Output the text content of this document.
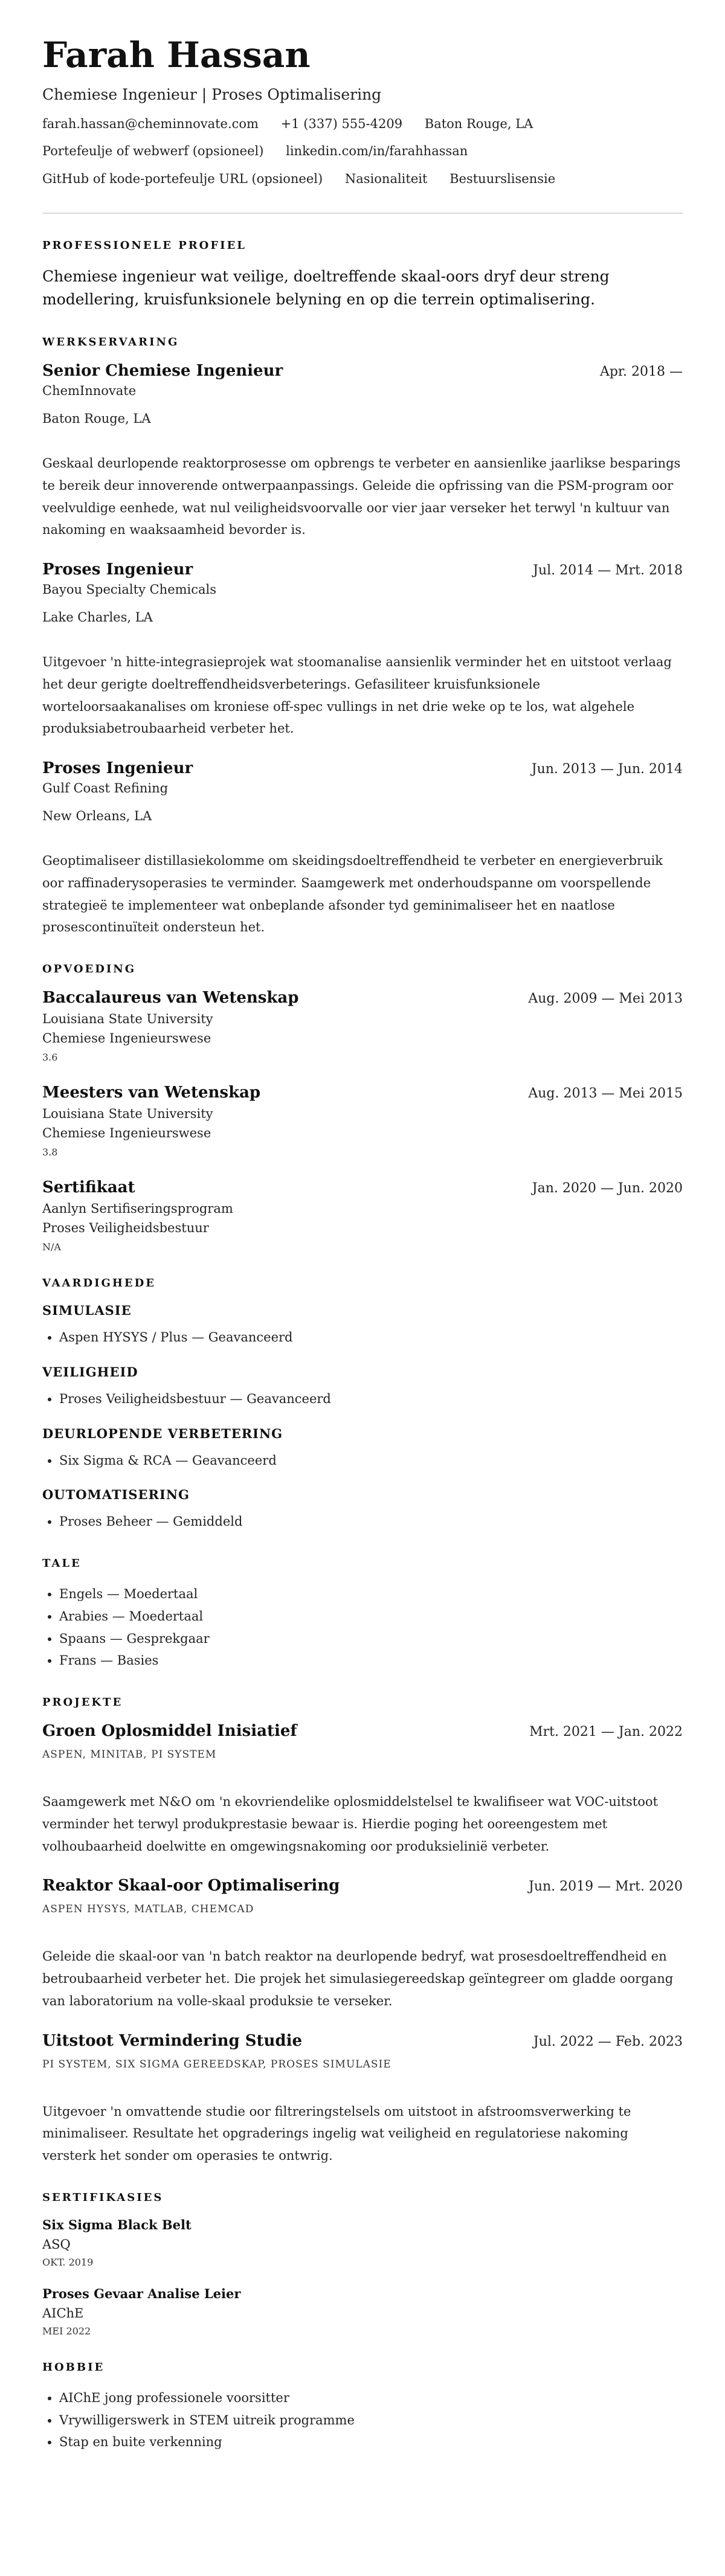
Farah Hassan
Chemiese Ingenieur | Proses Optimalisering
farah.hassan@cheminnovate.com +1 (337) 555-4209 Baton Rouge, LA
Portefeulje of webwerf (opsioneel) linkedin.com/in/farahhassan
GitHub of kode-portefeulje URL (opsioneel) Nasionaliteit Bestuurslisensie
PROFESSIONELE PROFIEL
Chemiese ingenieur wat veilige, doeltreffende skaal-oors dryf deur streng modellering, kruisfunksionele belyning en op die terrein optimalisering.
WERKSERVARING
Senior Chemiese Ingenieur	Apr. 2018 —
ChemInnovate
Baton Rouge, LA
Geskaal deurlopende reaktorprosesse om opbrengs te verbeter en aansienlike jaarlikse besparings te bereik deur innoverende ontwerpaanpassings. Geleide die opfrissing van die PSM-program oor veelvuldige eenhede, wat nul veiligheidsvoorvalle oor vier jaar verseker het terwyl 'n kultuur van nakoming en waaksaamheid bevorder is.
Proses Ingenieur	Jul. 2014 — Mrt. 2018
Bayou Specialty Chemicals
Lake Charles, LA
Uitgevoer 'n hitte-integrasieprojek wat stoomanalise aansienlik verminder het en uitstoot verlaag het deur gerigte doeltreffendheidsverbeterings. Gefasiliteer kruisfunksionele worteloorsaakanalises om kroniese off-spec vullings in net drie weke op te los, wat algehele produksiabetroubaarheid verbeter het.
Proses Ingenieur	Jun. 2013 — Jun. 2014
Gulf Coast Refining
New Orleans, LA
Geoptimaliseer distillasiekolomme om skeidingsdoeltreffendheid te verbeter en energieverbruik oor raffinaderysoperasies te verminder. Saamgewerk met onderhoudspanne om voorspellende strategieë te implementeer wat onbeplande afsonder tyd geminimaliseer het en naatlose prosescontinuïteit ondersteun het.
OPVOEDING
Baccalaureus van Wetenskap	Aug. 2009 — Mei 2013
Louisiana State University
Chemiese Ingenieurswese
3.6
Meesters van Wetenskap	Aug. 2013 — Mei 2015
Louisiana State University
Chemiese Ingenieurswese
3.8
Sertifikaat	Jan. 2020 — Jun. 2020
Aanlyn Sertifiseringsprogram
Proses Veiligheidsbestuur
N/A
VAARDIGHEDE
SIMULASIE
• Aspen HYSYS / Plus — Geavanceerd
VEILIGHEID
• Proses Veiligheidsbestuur — Geavanceerd
DEURLOPENDE VERBETERING
• Six Sigma & RCA — Geavanceerd
OUTOMATISERING
• Proses Beheer — Gemiddeld
TALE
• Engels — Moedertaal
• Arabies — Moedertaal
• Spaans — Gesprekgaar
• Frans — Basies
PROJEKTE
Groen Oplosmiddel Inisiatief	Mrt. 2021 — Jan. 2022
ASPEN, MINITAB, PI SYSTEM
Saamgewerk met N&O om 'n ekovriendelike oplosmiddelstelsel te kwalifiseer wat VOC-uitstoot verminder het terwyl produkprestasie bewaar is. Hierdie poging het ooreengestem met volhoubaarheid doelwitte en omgewingsnakoming oor produksielinië verbeter.
Reaktor Skaal-oor Optimalisering	Jun. 2019 — Mrt. 2020
ASPEN HYSYS, MATLAB, CHEMCAD
Geleide die skaal-oor van 'n batch reaktor na deurlopende bedryf, wat prosesdoeltreffendheid en betroubaarheid verbeter het. Die projek het simulasiegereedskap geïntegreer om gladde oorgang van laboratorium na volle-skaal produksie te verseker.
Uitstoot Vermindering Studie	Jul. 2022 — Feb. 2023
PI SYSTEM, SIX SIGMA GEREEDSKAP, PROSES SIMULASIE
Uitgevoer 'n omvattende studie oor filtreringstelsels om uitstoot in afstroomsverwerking te minimaliseer. Resultate het opgraderings ingelig wat veiligheid en regulatoriese nakoming versterk het sonder om operasies te ontwrig.
SERTIFIKASIES
Six Sigma Black Belt
ASQ
OKT. 2019
Proses Gevaar Analise Leier
AIChE
MEI 2022
HOBBIE
• AIChE jong professionele voorsitter
• Vrywilligerswerk in STEM uitreik programme
• Stap en buite verkenning
